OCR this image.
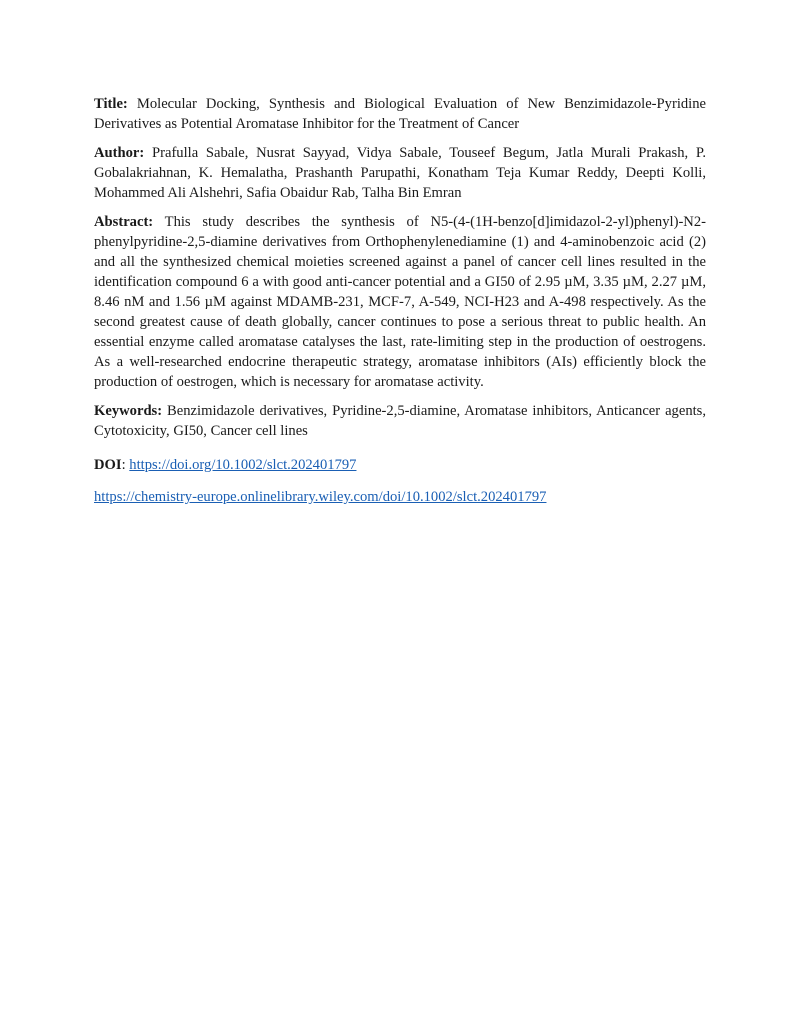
Title: Molecular Docking, Synthesis and Biological Evaluation of New Benzimidazole-Pyridine Derivatives as Potential Aromatase Inhibitor for the Treatment of Cancer

Author: Prafulla Sabale, Nusrat Sayyad, Vidya Sabale, Touseef Begum, Jatla Murali Prakash, P. Gobalakriahnan, K. Hemalatha, Prashanth Parupathi, Konatham Teja Kumar Reddy, Deepti Kolli, Mohammed Ali Alshehri, Safia Obaidur Rab, Talha Bin Emran

Abstract: This study describes the synthesis of N5-(4-(1H-benzo[d]imidazol-2-yl)phenyl)-N2-phenylpyridine-2,5-diamine derivatives from Orthophenylenediamine (1) and 4-aminobenzoic acid (2) and all the synthesized chemical moieties screened against a panel of cancer cell lines resulted in the identification compound 6 a with good anti-cancer potential and a GI50 of 2.95 µM, 3.35 µM, 2.27 µM, 8.46 nM and 1.56 µM against MDAMB-231, MCF-7, A-549, NCI-H23 and A-498 respectively. As the second greatest cause of death globally, cancer continues to pose a serious threat to public health. An essential enzyme called aromatase catalyses the last, rate-limiting step in the production of oestrogens. As a well-researched endocrine therapeutic strategy, aromatase inhibitors (AIs) efficiently block the production of oestrogen, which is necessary for aromatase activity.

Keywords: Benzimidazole derivatives, Pyridine-2,5-diamine, Aromatase inhibitors, Anticancer agents, Cytotoxicity, GI50, Cancer cell lines

DOI: https://doi.org/10.1002/slct.202401797

https://chemistry-europe.onlinelibrary.wiley.com/doi/10.1002/slct.202401797
